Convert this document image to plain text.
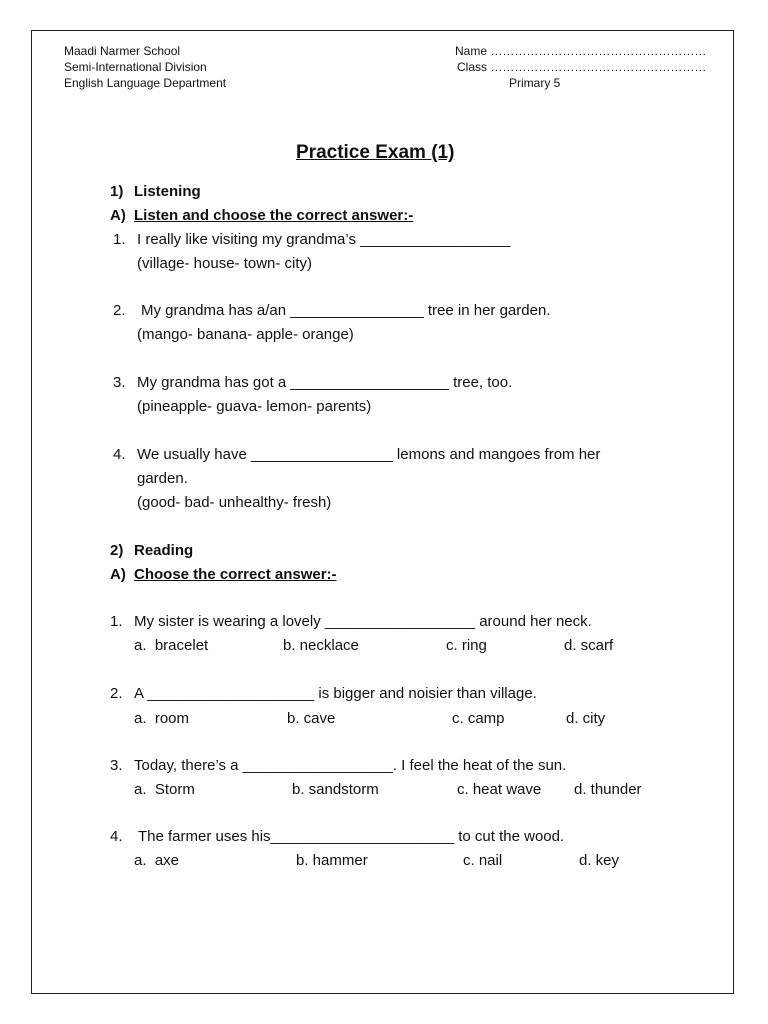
Maadi Narmer School
Semi-International Division
English Language Department
Name ………………………………………………
Class ………………………………………………
Primary 5
Practice Exam (1)
1) Listening
A) Listen and choose the correct answer:-
1. I really like visiting my grandma’s __________________
(village- house- town- city)
2. My grandma has a/an ________________ tree in her garden.
(mango- banana- apple- orange)
3. My grandma has got a ___________________ tree, too.
(pineapple- guava- lemon- parents)
4. We usually have _________________ lemons and mangoes from her
garden.
(good- bad- unhealthy- fresh)
2) Reading
A) Choose the correct answer:-
1. My sister is wearing a lovely __________________ around her neck.
a.  bracelet	b. necklace	c. ring	d. scarf
2. A ____________________ is bigger and noisier than village.
a.  room	b. cave	c. camp	d. city
3. Today, there’s a __________________. I feel the heat of the sun.
a.  Storm	b. sandstorm	c. heat wave d. thunder
4. The farmer uses his______________________ to cut the wood.
a.  axe	b. hammer	c. nail	d. key
